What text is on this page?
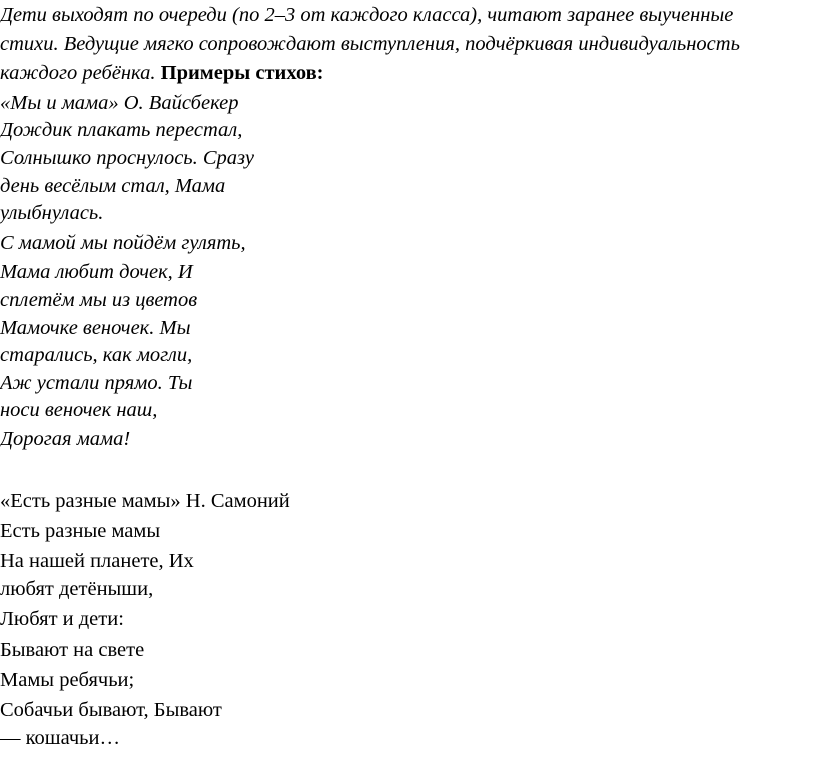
Дети выходят по очереди (по 2–3 от каждого класса), читают заранее выученные
стихи. Ведущие мягко сопровождают выступления, подчёркивая индивидуальность
каждого ребёнка. Примеры стихов:
«Мы и мама» О. Вайсбекер
Дождик плакать перестал,
Солнышко проснулось. Сразу
день весёлым стал, Мама
улыбнулась.
С мамой мы пойдём гулять,
Мама любит дочек, И
сплетём мы из цветов
Мамочке веночек. Мы
старались, как могли,
Аж устали прямо. Ты
носи веночек наш,
Дорогая мама!
«Есть разные мамы» Н. Самоний
Есть разные мамы
На нашей планете, Их
любят детёныши,
Любят и дети:
Бывают на свете
Мамы ребячьи;
Собачьи бывают, Бывают
— кошачьи…
